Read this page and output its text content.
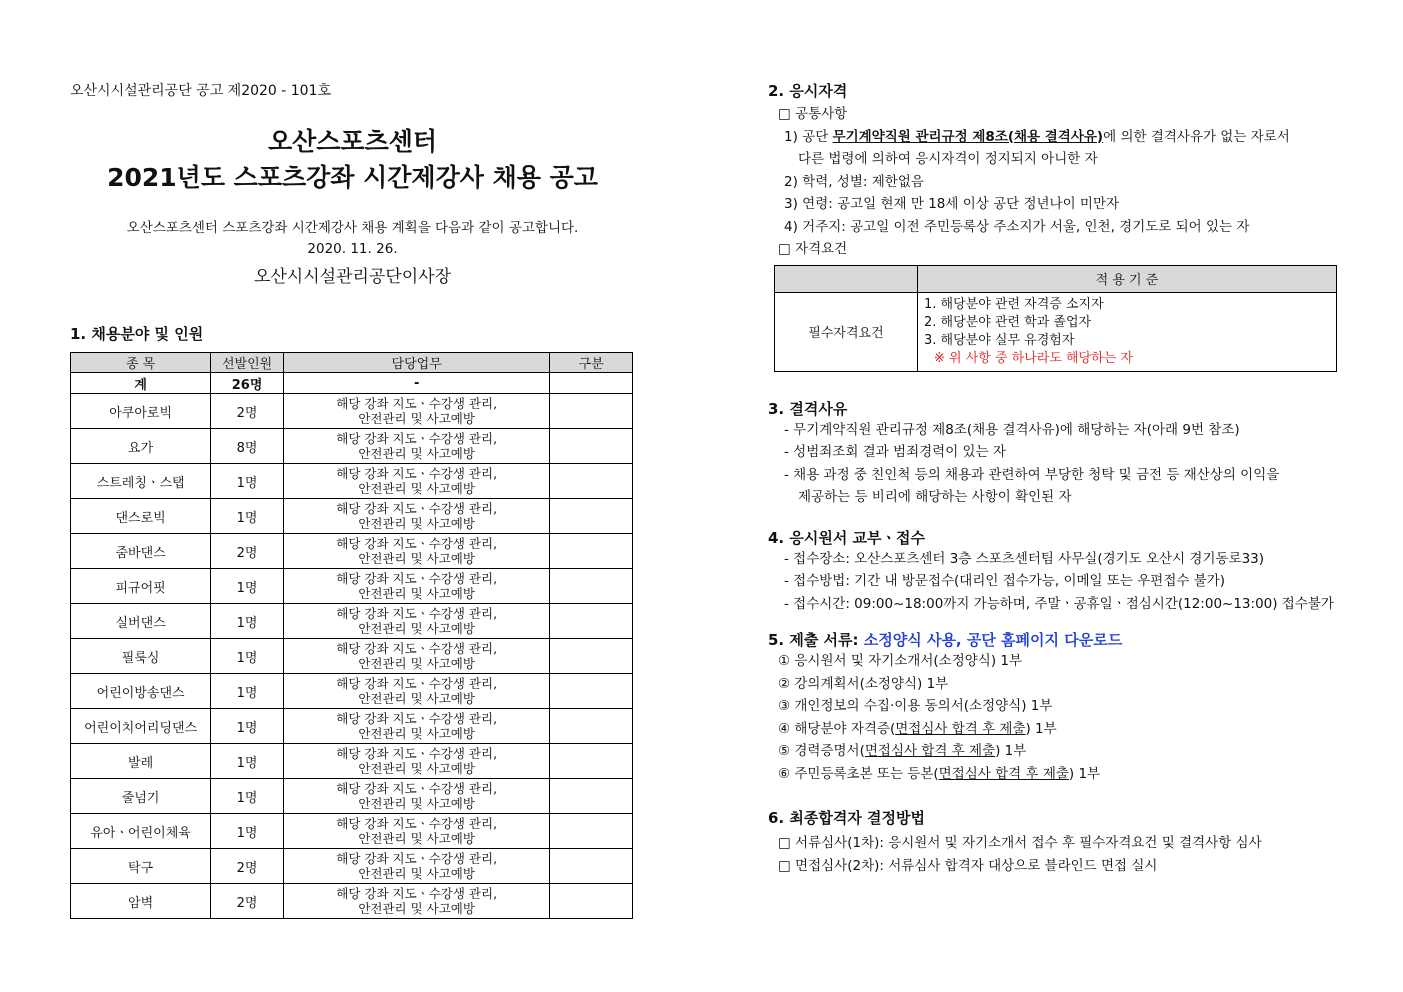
오산시시설관리공단 공고 제2020 - 101호
오산스포츠센터
2021년도 스포츠강좌 시간제강사 채용 공고
오산스포츠센터 스포츠강좌 시간제강사 채용 계획을 다음과 같이 공고합니다.
2020. 11. 26.
오산시시설관리공단이사장
1. 채용분야 및 인원
종 목	선발인원	담당업무	구분
계	26명	-	
아쿠아로빅	2명	해당 강좌 지도ㆍ수강생 관리,
안전관리 및 사고예방	

요가	8명	해당 강좌 지도ㆍ수강생 관리,
안전관리 및 사고예방	

스트레칭ㆍ스탭	1명	해당 강좌 지도ㆍ수강생 관리,
안전관리 및 사고예방	

댄스로빅	1명	해당 강좌 지도ㆍ수강생 관리,
안전관리 및 사고예방	

줌바댄스	2명	해당 강좌 지도ㆍ수강생 관리,
안전관리 및 사고예방	

피규어핏	1명	해당 강좌 지도ㆍ수강생 관리,
안전관리 및 사고예방	

실버댄스	1명	해당 강좌 지도ㆍ수강생 관리,
안전관리 및 사고예방	

필룩싱	1명	해당 강좌 지도ㆍ수강생 관리,
안전관리 및 사고예방	

어린이방송댄스	1명	해당 강좌 지도ㆍ수강생 관리,
안전관리 및 사고예방	

어린이치어리딩댄스	1명	해당 강좌 지도ㆍ수강생 관리,
안전관리 및 사고예방	

발레	1명	해당 강좌 지도ㆍ수강생 관리,
안전관리 및 사고예방	

줄넘기	1명	해당 강좌 지도ㆍ수강생 관리,
안전관리 및 사고예방	

유아ㆍ어린이체육	1명	해당 강좌 지도ㆍ수강생 관리,
안전관리 및 사고예방	

탁구	2명	해당 강좌 지도ㆍ수강생 관리,
안전관리 및 사고예방	

암벽	2명	해당 강좌 지도ㆍ수강생 관리,
안전관리 및 사고예방	

2. 응시자격
□ 공통사항
1) 공단 무기계약직원 관리규정 제8조(채용 결격사유)에 의한 결격사유가 없는 자로서
다른 법령에 의하여 응시자격이 정지되지 아니한 자
2) 학력, 성별: 제한없음
3) 연령: 공고일 현재 만 18세 이상 공단 정년나이 미만자
4) 거주지: 공고일 이전 주민등록상 주소지가 서울, 인천, 경기도로 되어 있는 자
□ 자격요건
	적 용 기 준
필수자격요건	1. 해당분야 관련 자격증 소지자
2. 해당분야 관련 학과 졸업자
3. 해당분야 실무 유경험자
※ 위 사항 중 하나라도 해당하는 자
3. 결격사유
- 무기계약직원 관리규정 제8조(채용 결격사유)에 해당하는 자(아래 9번 참조)
- 성범죄조회 결과 범죄경력이 있는 자
- 채용 과정 중 친인척 등의 채용과 관련하여 부당한 청탁 및 금전 등 재산상의 이익을
제공하는 등 비리에 해당하는 사항이 확인된 자
4. 응시원서 교부ㆍ접수
- 접수장소: 오산스포츠센터 3층 스포츠센터팀 사무실(경기도 오산시 경기동로33)
- 접수방법: 기간 내 방문접수(대리인 접수가능, 이메일 또는 우편접수 불가)
- 접수시간: 09:00~18:00까지 가능하며, 주말ㆍ공휴일ㆍ점심시간(12:00~13:00) 접수불가
5. 제출 서류: 소정양식 사용, 공단 홈페이지 다운로드
① 응시원서 및 자기소개서(소정양식) 1부
② 강의계획서(소정양식) 1부
③ 개인정보의 수집·이용 동의서(소정양식) 1부
④ 해당분야 자격증(면접심사 합격 후 제출) 1부
⑤ 경력증명서(면접심사 합격 후 제출) 1부
⑥ 주민등록초본 또는 등본(면접심사 합격 후 제출) 1부
6. 최종합격자 결정방법
□ 서류심사(1차): 응시원서 및 자기소개서 접수 후 필수자격요건 및 결격사항 심사
□ 면접심사(2차): 서류심사 합격자 대상으로 블라인드 면접 실시
